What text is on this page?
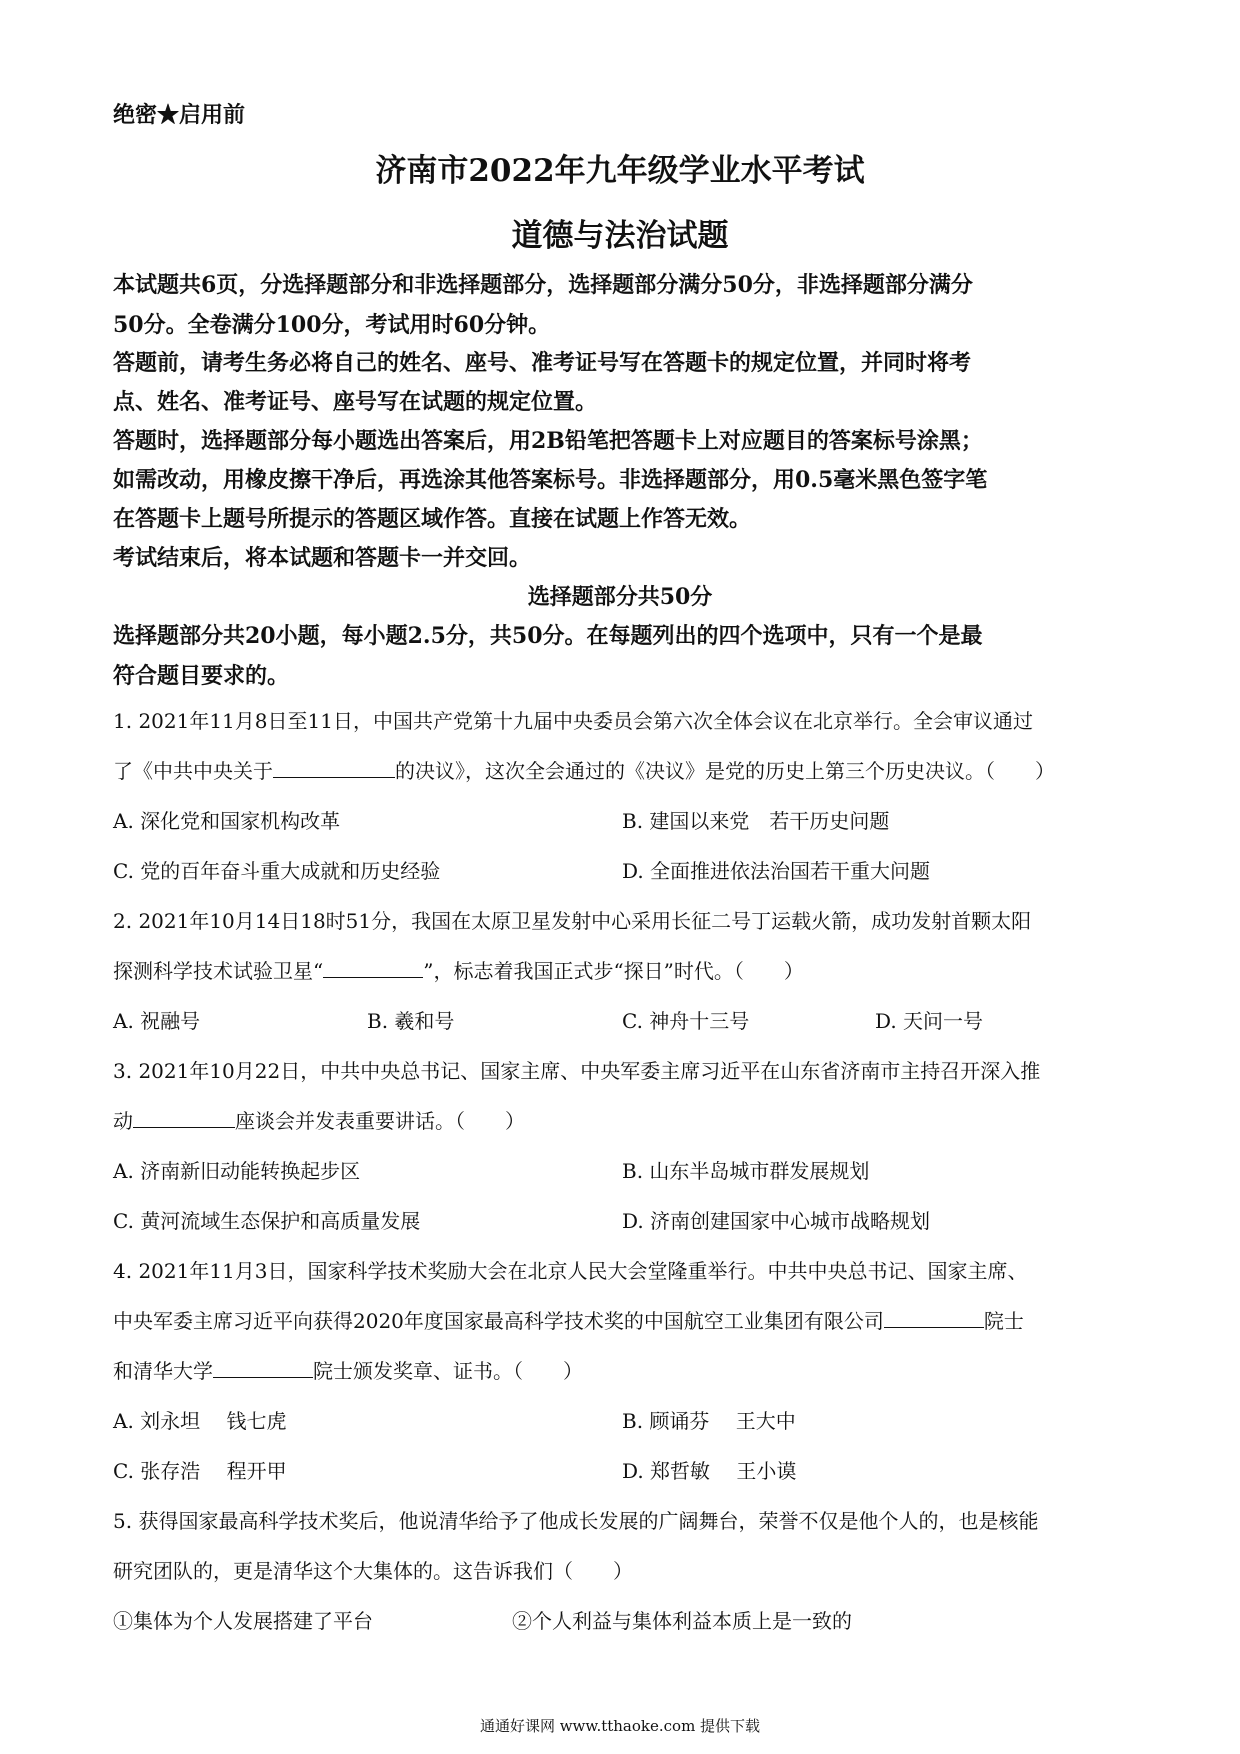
绝密★启用前
济南市2022年九年级学业水平考试
道德与法治试题
本试题共6页，分选择题部分和非选择题部分，选择题部分满分50分，非选择题部分满分
50分。全卷满分100分，考试用时60分钟。
答题前，请考生务必将自己的姓名、座号、准考证号写在答题卡的规定位置，并同时将考
点、姓名、准考证号、座号写在试题的规定位置。
答题时，选择题部分每小题选出答案后，用2B铅笔把答题卡上对应题目的答案标号涂黑；
如需改动，用橡皮擦干净后，再选涂其他答案标号。非选择题部分，用0.5毫米黑色签字笔
在答题卡上题号所提示的答题区域作答。直接在试题上作答无效。
考试结束后，将本试题和答题卡一并交回。
选择题部分共50分
选择题部分共20小题，每小题2.5分，共50分。在每题列出的四个选项中，只有一个是最
符合题目要求的。
1. 2021年11月8日至11日，中国共产党第十九届中央委员会第六次全体会议在北京举行。全会审议通过
了《中共中央关于	的决议》，这次全会通过的《决议》是党的历史上第三个历史决议。（　　）
A. 深化党和国家机构改革	B. 建国以来党　若干历史问题
C. 党的百年奋斗重大成就和历史经验	D. 全面推进依法治国若干重大问题
2. 2021年10月14日18时51分，我国在太原卫星发射中心采用长征二号丁运载火箭，成功发射首颗太阳
探测科学技术试验卫星“	”，标志着我国正式步“探日”时代。（　　）
A. 祝融号	B. 羲和号	C. 神舟十三号	D. 天问一号
3. 2021年10月22日，中共中央总书记、国家主席、中央军委主席习近平在山东省济南市主持召开深入推
动	座谈会并发表重要讲话。（　　）
A. 济南新旧动能转换起步区	B. 山东半岛城市群发展规划
C. 黄河流域生态保护和高质量发展	D. 济南创建国家中心城市战略规划
4. 2021年11月3日，国家科学技术奖励大会在北京人民大会堂隆重举行。中共中央总书记、国家主席、
中央军委主席习近平向获得2020年度国家最高科学技术奖的中国航空工业集团有限公司	院士
和清华大学	院士颁发奖章、证书。（　　）
A. 刘永坦　 钱七虎	B. 顾诵芬　 王大中
C. 张存浩　 程开甲	D. 郑哲敏　 王小谟
5. 获得国家最高科学技术奖后，他说清华给予了他成长发展的广阔舞台，荣誉不仅是他个人的，也是核能
研究团队的，更是清华这个大集体的。这告诉我们（　　）
①集体为个人发展搭建了平台	②个人利益与集体利益本质上是一致的
通通好课网 www.tthaoke.com 提供下载
